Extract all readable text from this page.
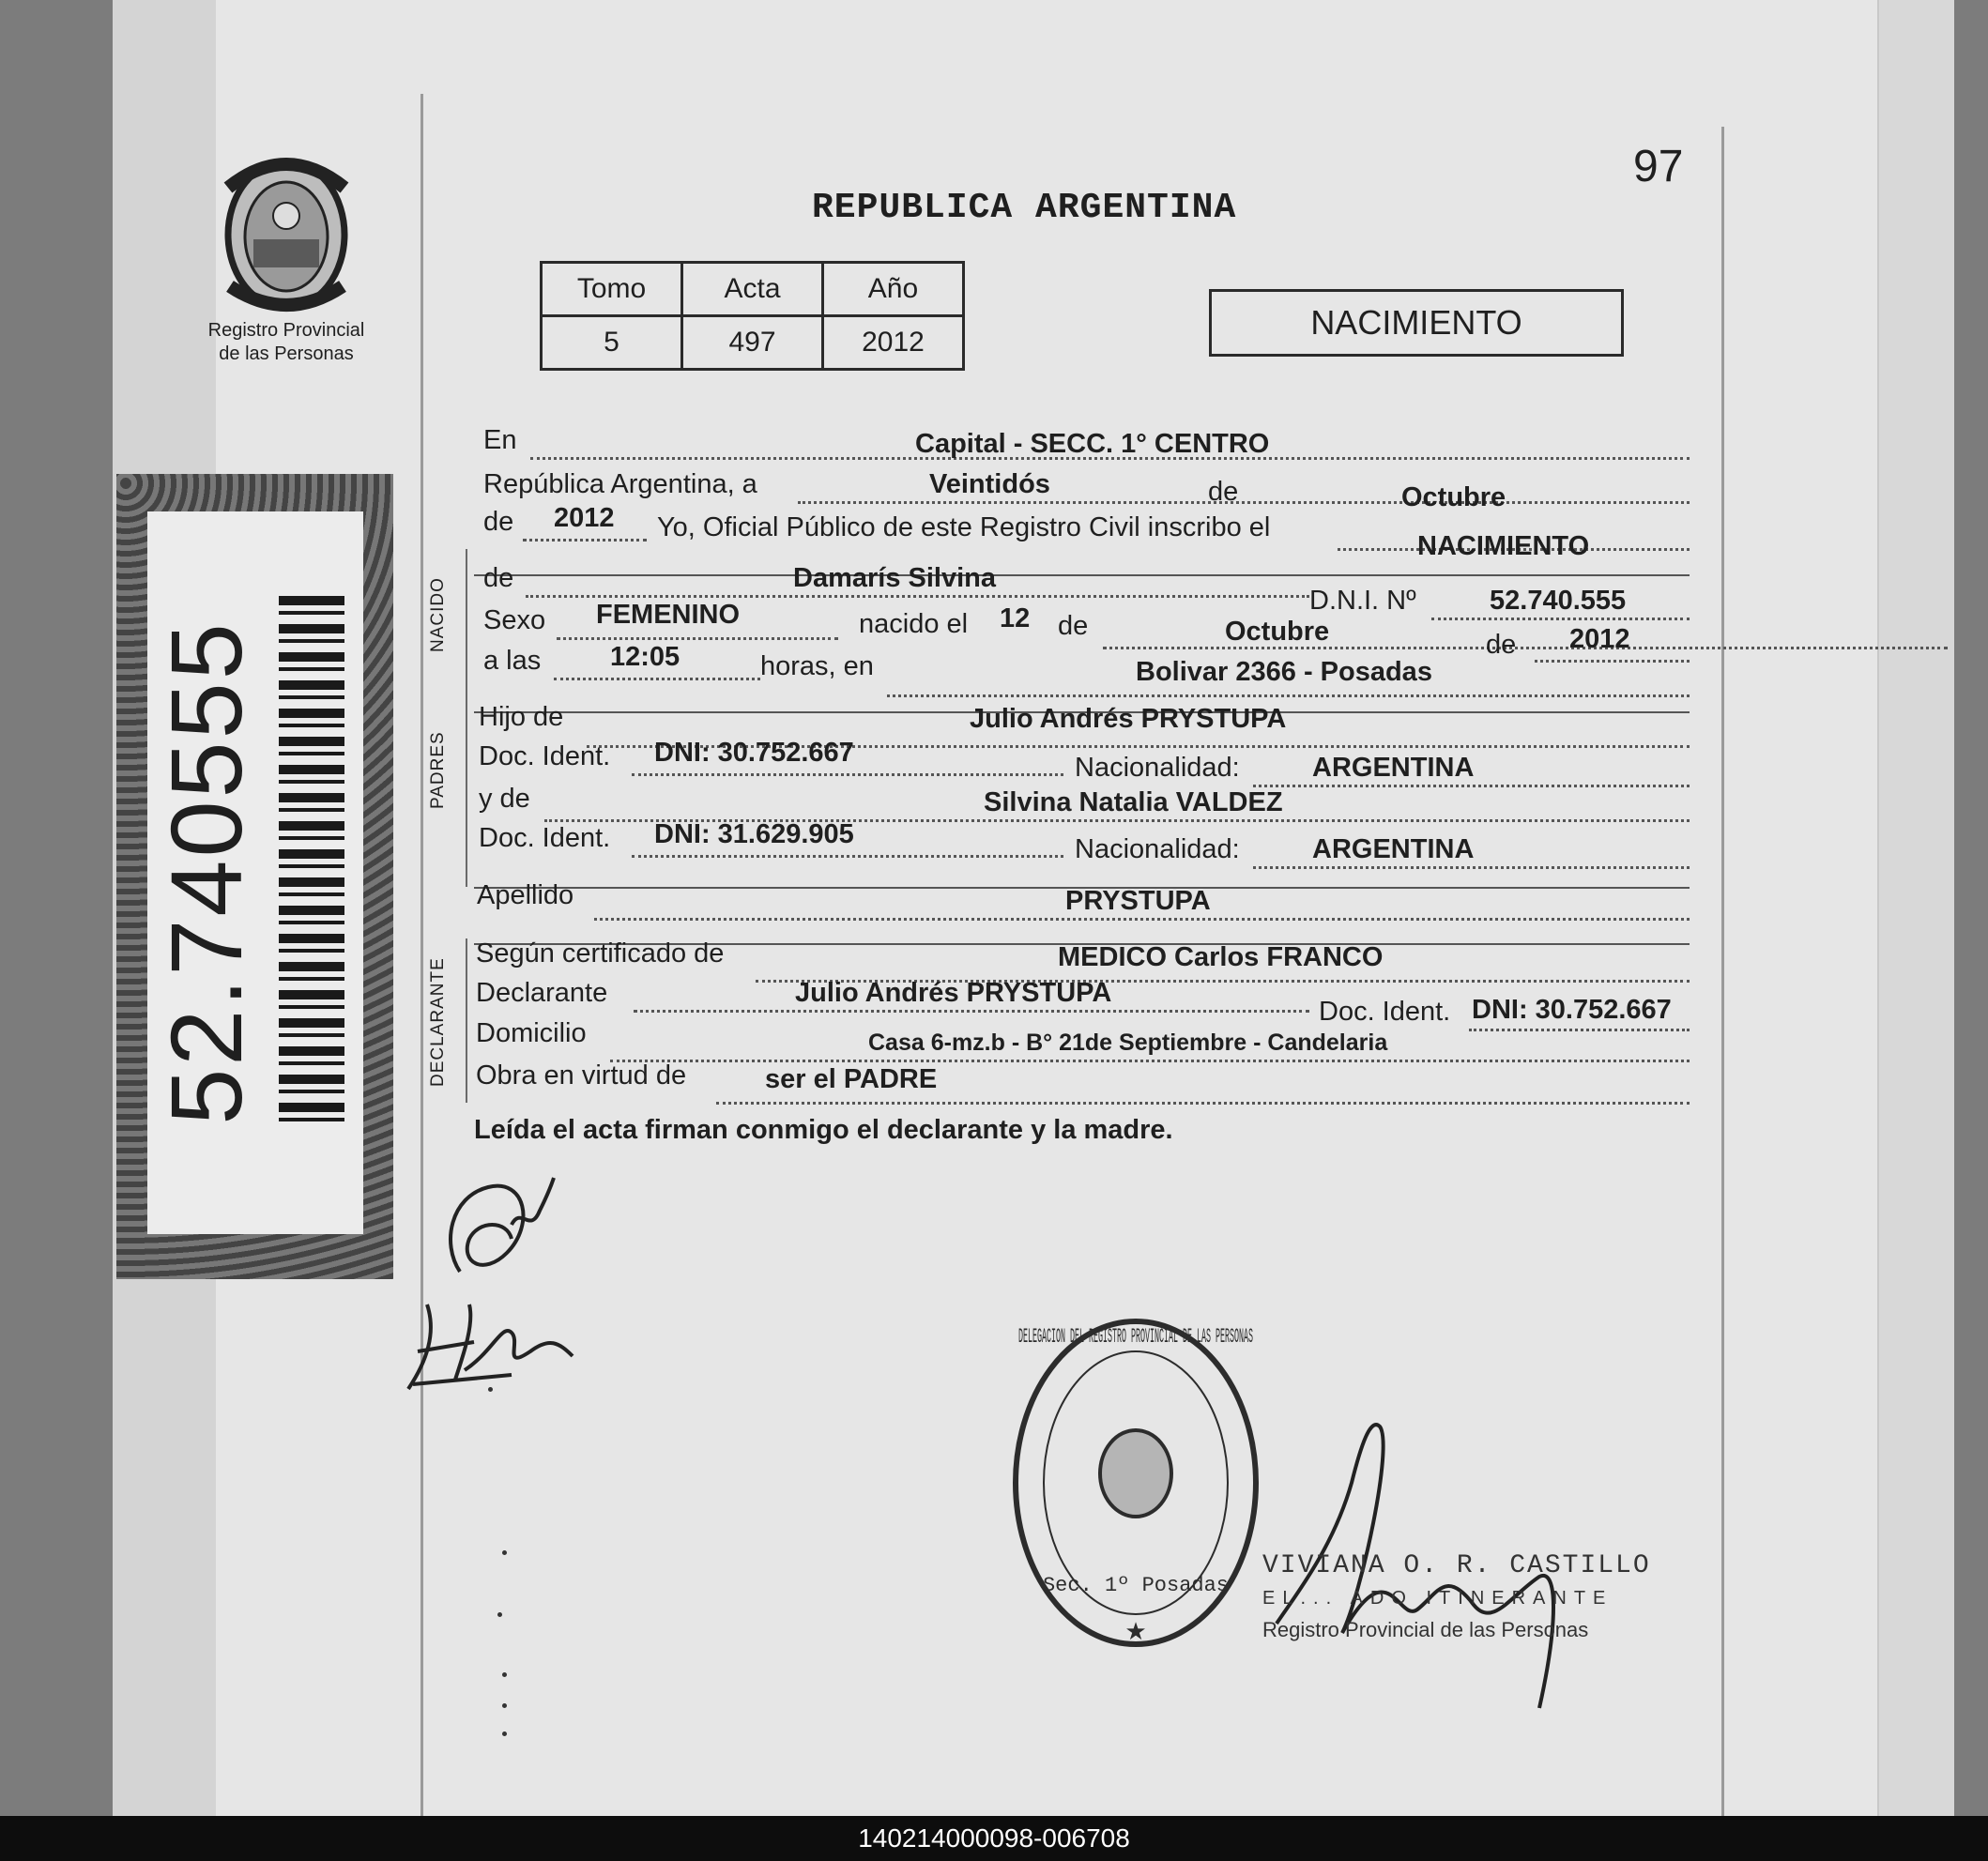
Registro Provincial
de las Personas
97
REPUBLICA ARGENTINA
Tomo	Acta	Año
5	497	2012
NACIMIENTO
52.740555
NACIDO
PADRES
DECLARANTE
En	Capital - SECC. 1° CENTRO
República Argentina, a	Veintidós	de	Octubre
de 2012 Yo, Oficial Público de este Registro Civil inscribo el
NACIMIENTO
de	Damarís Silvina
D.N.I. Nº	52.740.555
Sexo FEMENINO	nacido el 12 de	Octubre	de 2012
a las	12:05	horas, en	Bolivar 2366 - Posadas
Hijo de	Julio Andrés PRYSTUPA
Doc. Ident. DNI: 30.752.667	Nacionalidad:	ARGENTINA
y de	Silvina Natalia VALDEZ
Doc. Ident. DNI: 31.629.905	Nacionalidad:	ARGENTINA
Apellido	PRYSTUPA
Según certificado de	MEDICO Carlos FRANCO
Declarante	Julio Andrés PRYSTUPA
Doc. Ident. DNI: 30.752.667
Domicilio	Casa 6-mz.b - B° 21de Septiembre - Candelaria
Obra en virtud de	ser el PADRE
Leída el acta firman conmigo el declarante y la madre.
Sec. 1º Posadas
DELEGACION DEL REGISTRO PROVINCIAL DE LAS PERSONAS
★
VIVIANA O. R. CASTILLO
EL... ADO ITINERANTE
Registro Provincial de las Personas
140214000098-006708
